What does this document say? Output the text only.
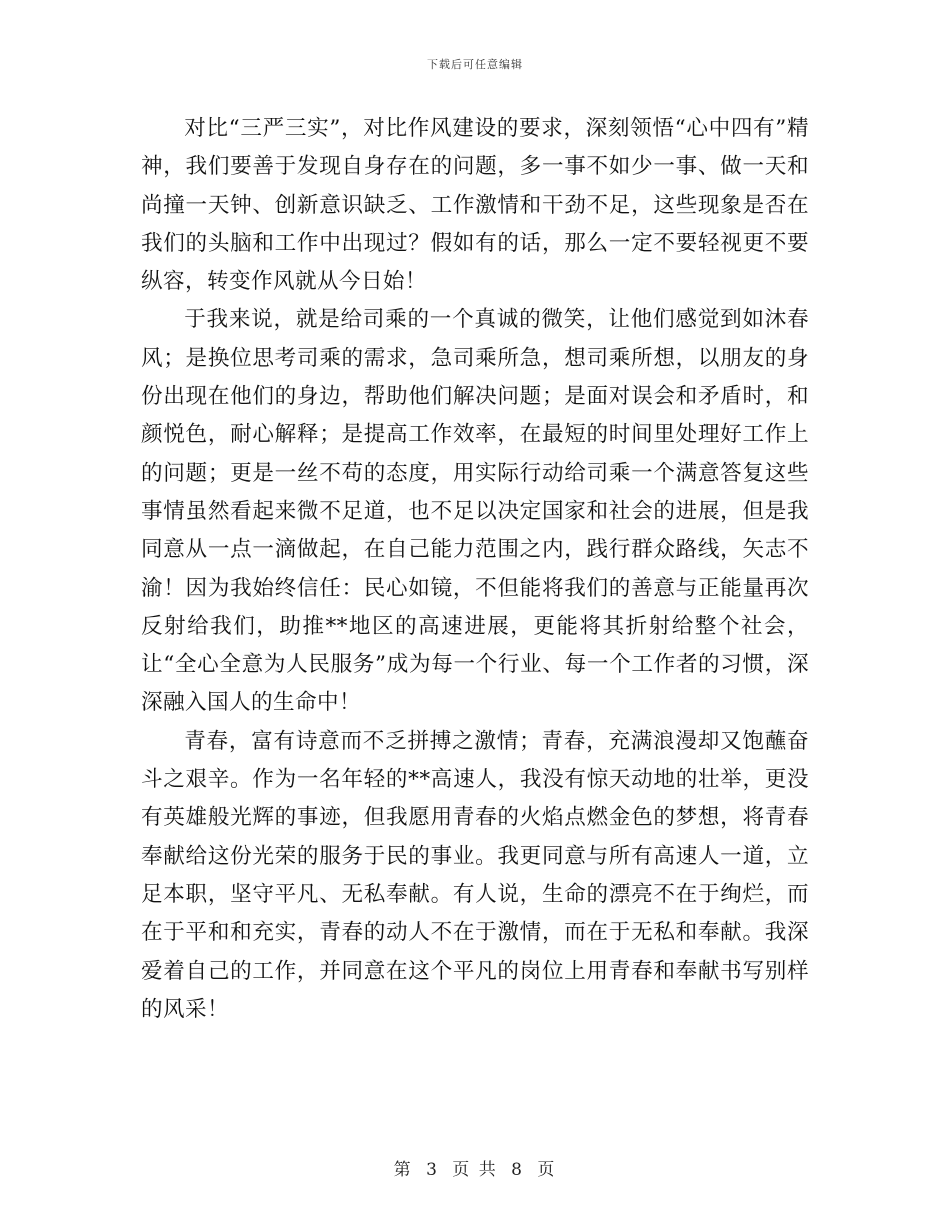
下载后可任意编辑

对比“三严三实”，对比作风建设的要求，深刻领悟“心中四有”精神，我们要善于发现自身存在的问题，多一事不如少一事、做一天和尚撞一天钟、创新意识缺乏、工作激情和干劲不足，这些现象是否在我们的头脑和工作中出现过？假如有的话，那么一定不要轻视更不要纵容，转变作风就从今日始！

于我来说，就是给司乘的一个真诚的微笑，让他们感觉到如沐春风；是换位思考司乘的需求，急司乘所急，想司乘所想，以朋友的身份出现在他们的身边，帮助他们解决问题；是面对误会和矛盾时，和颜悦色，耐心解释；是提高工作效率，在最短的时间里处理好工作上的问题；更是一丝不苟的态度，用实际行动给司乘一个满意答复这些事情虽然看起来微不足道，也不足以决定国家和社会的进展，但是我同意从一点一滴做起，在自己能力范围之内，践行群众路线，矢志不渝！因为我始终信任：民心如镜，不但能将我们的善意与正能量再次反射给我们，助推**地区的高速进展，更能将其折射给整个社会，让“全心全意为人民服务”成为每一个行业、每一个工作者的习惯，深深融入国人的生命中！

青春，富有诗意而不乏拼搏之激情；青春，充满浪漫却又饱蘸奋斗之艰辛。作为一名年轻的**高速人，我没有惊天动地的壮举，更没有英雄般光辉的事迹，但我愿用青春的火焰点燃金色的梦想，将青春奉献给这份光荣的服务于民的事业。我更同意与所有高速人一道，立足本职，坚守平凡、无私奉献。有人说，生命的漂亮不在于绚烂，而在于平和和充实，青春的动人不在于激情，而在于无私和奉献。我深爱着自己的工作，并同意在这个平凡的岗位上用青春和奉献书写别样的风采！

第 3 页 共 8 页
